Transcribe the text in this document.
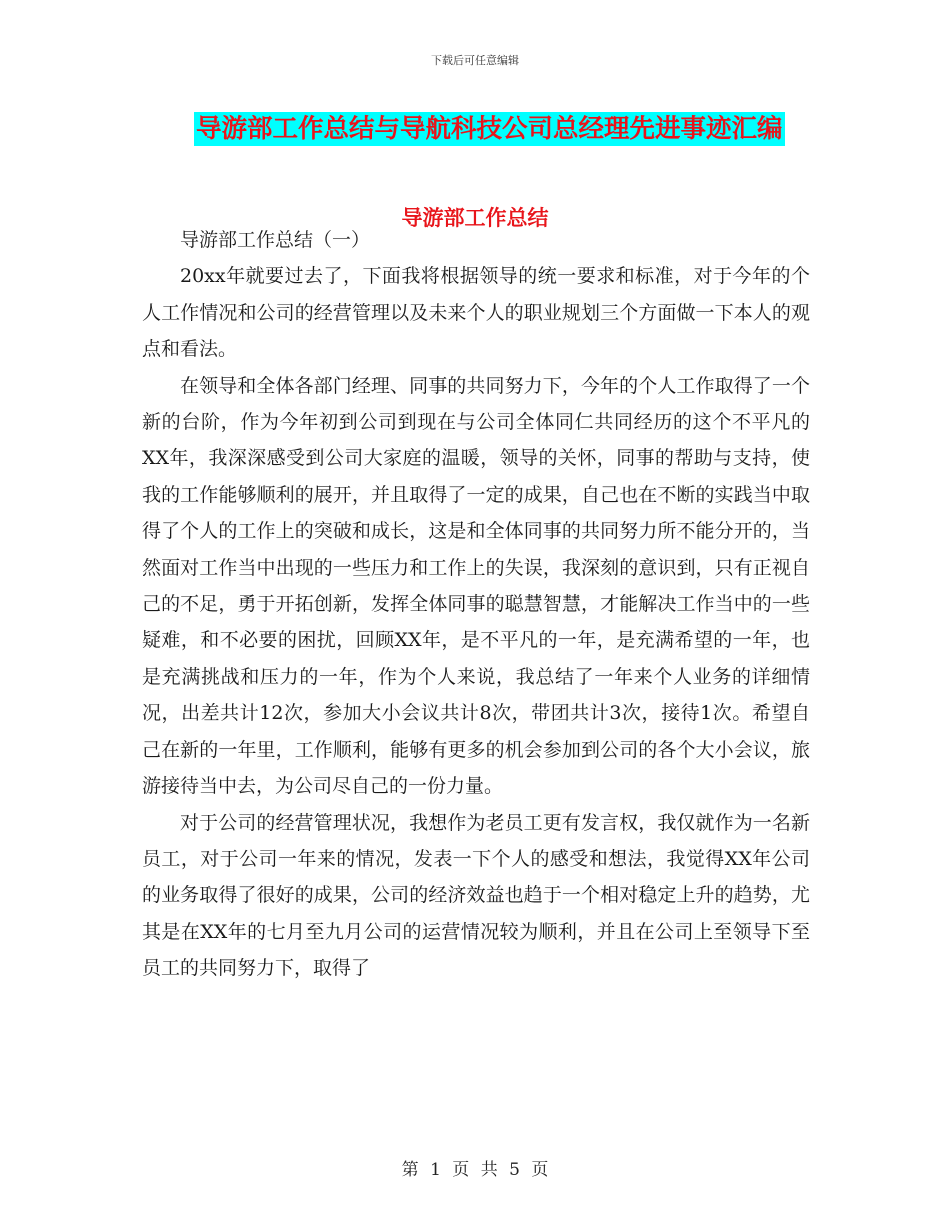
下载后可任意编辑
导游部工作总结与导航科技公司总经理先进事迹汇编
导游部工作总结

导游部工作总结（一）

20xx年就要过去了，下面我将根据领导的统一要求和标准，对于今年的个人工作情况和公司的经营管理以及未来个人的职业规划三个方面做一下本人的观点和看法。

在领导和全体各部门经理、同事的共同努力下，今年的个人工作取得了一个新的台阶，作为今年初到公司到现在与公司全体同仁共同经历的这个不平凡的XX年，我深深感受到公司大家庭的温暖，领导的关怀，同事的帮助与支持，使我的工作能够顺利的展开，并且取得了一定的成果，自己也在不断的实践当中取得了个人的工作上的突破和成长，这是和全体同事的共同努力所不能分开的，当然面对工作当中出现的一些压力和工作上的失误，我深刻的意识到，只有正视自己的不足，勇于开拓创新，发挥全体同事的聪慧智慧，才能解决工作当中的一些疑难，和不必要的困扰，回顾XX年，是不平凡的一年，是充满希望的一年，也是充满挑战和压力的一年，作为个人来说，我总结了一年来个人业务的详细情况，出差共计12次，参加大小会议共计8次，带团共计3次，接待1次。希望自己在新的一年里，工作顺利，能够有更多的机会参加到公司的各个大小会议，旅游接待当中去，为公司尽自己的一份力量。

对于公司的经营管理状况，我想作为老员工更有发言权，我仅就作为一名新员工，对于公司一年来的情况，发表一下个人的感受和想法，我觉得XX年公司的业务取得了很好的成果，公司的经济效益也趋于一个相对稳定上升的趋势，尤其是在XX年的七月至九月公司的运营情况较为顺利，并且在公司上至领导下至员工的共同努力下，取得了

第 1 页 共 5 页
